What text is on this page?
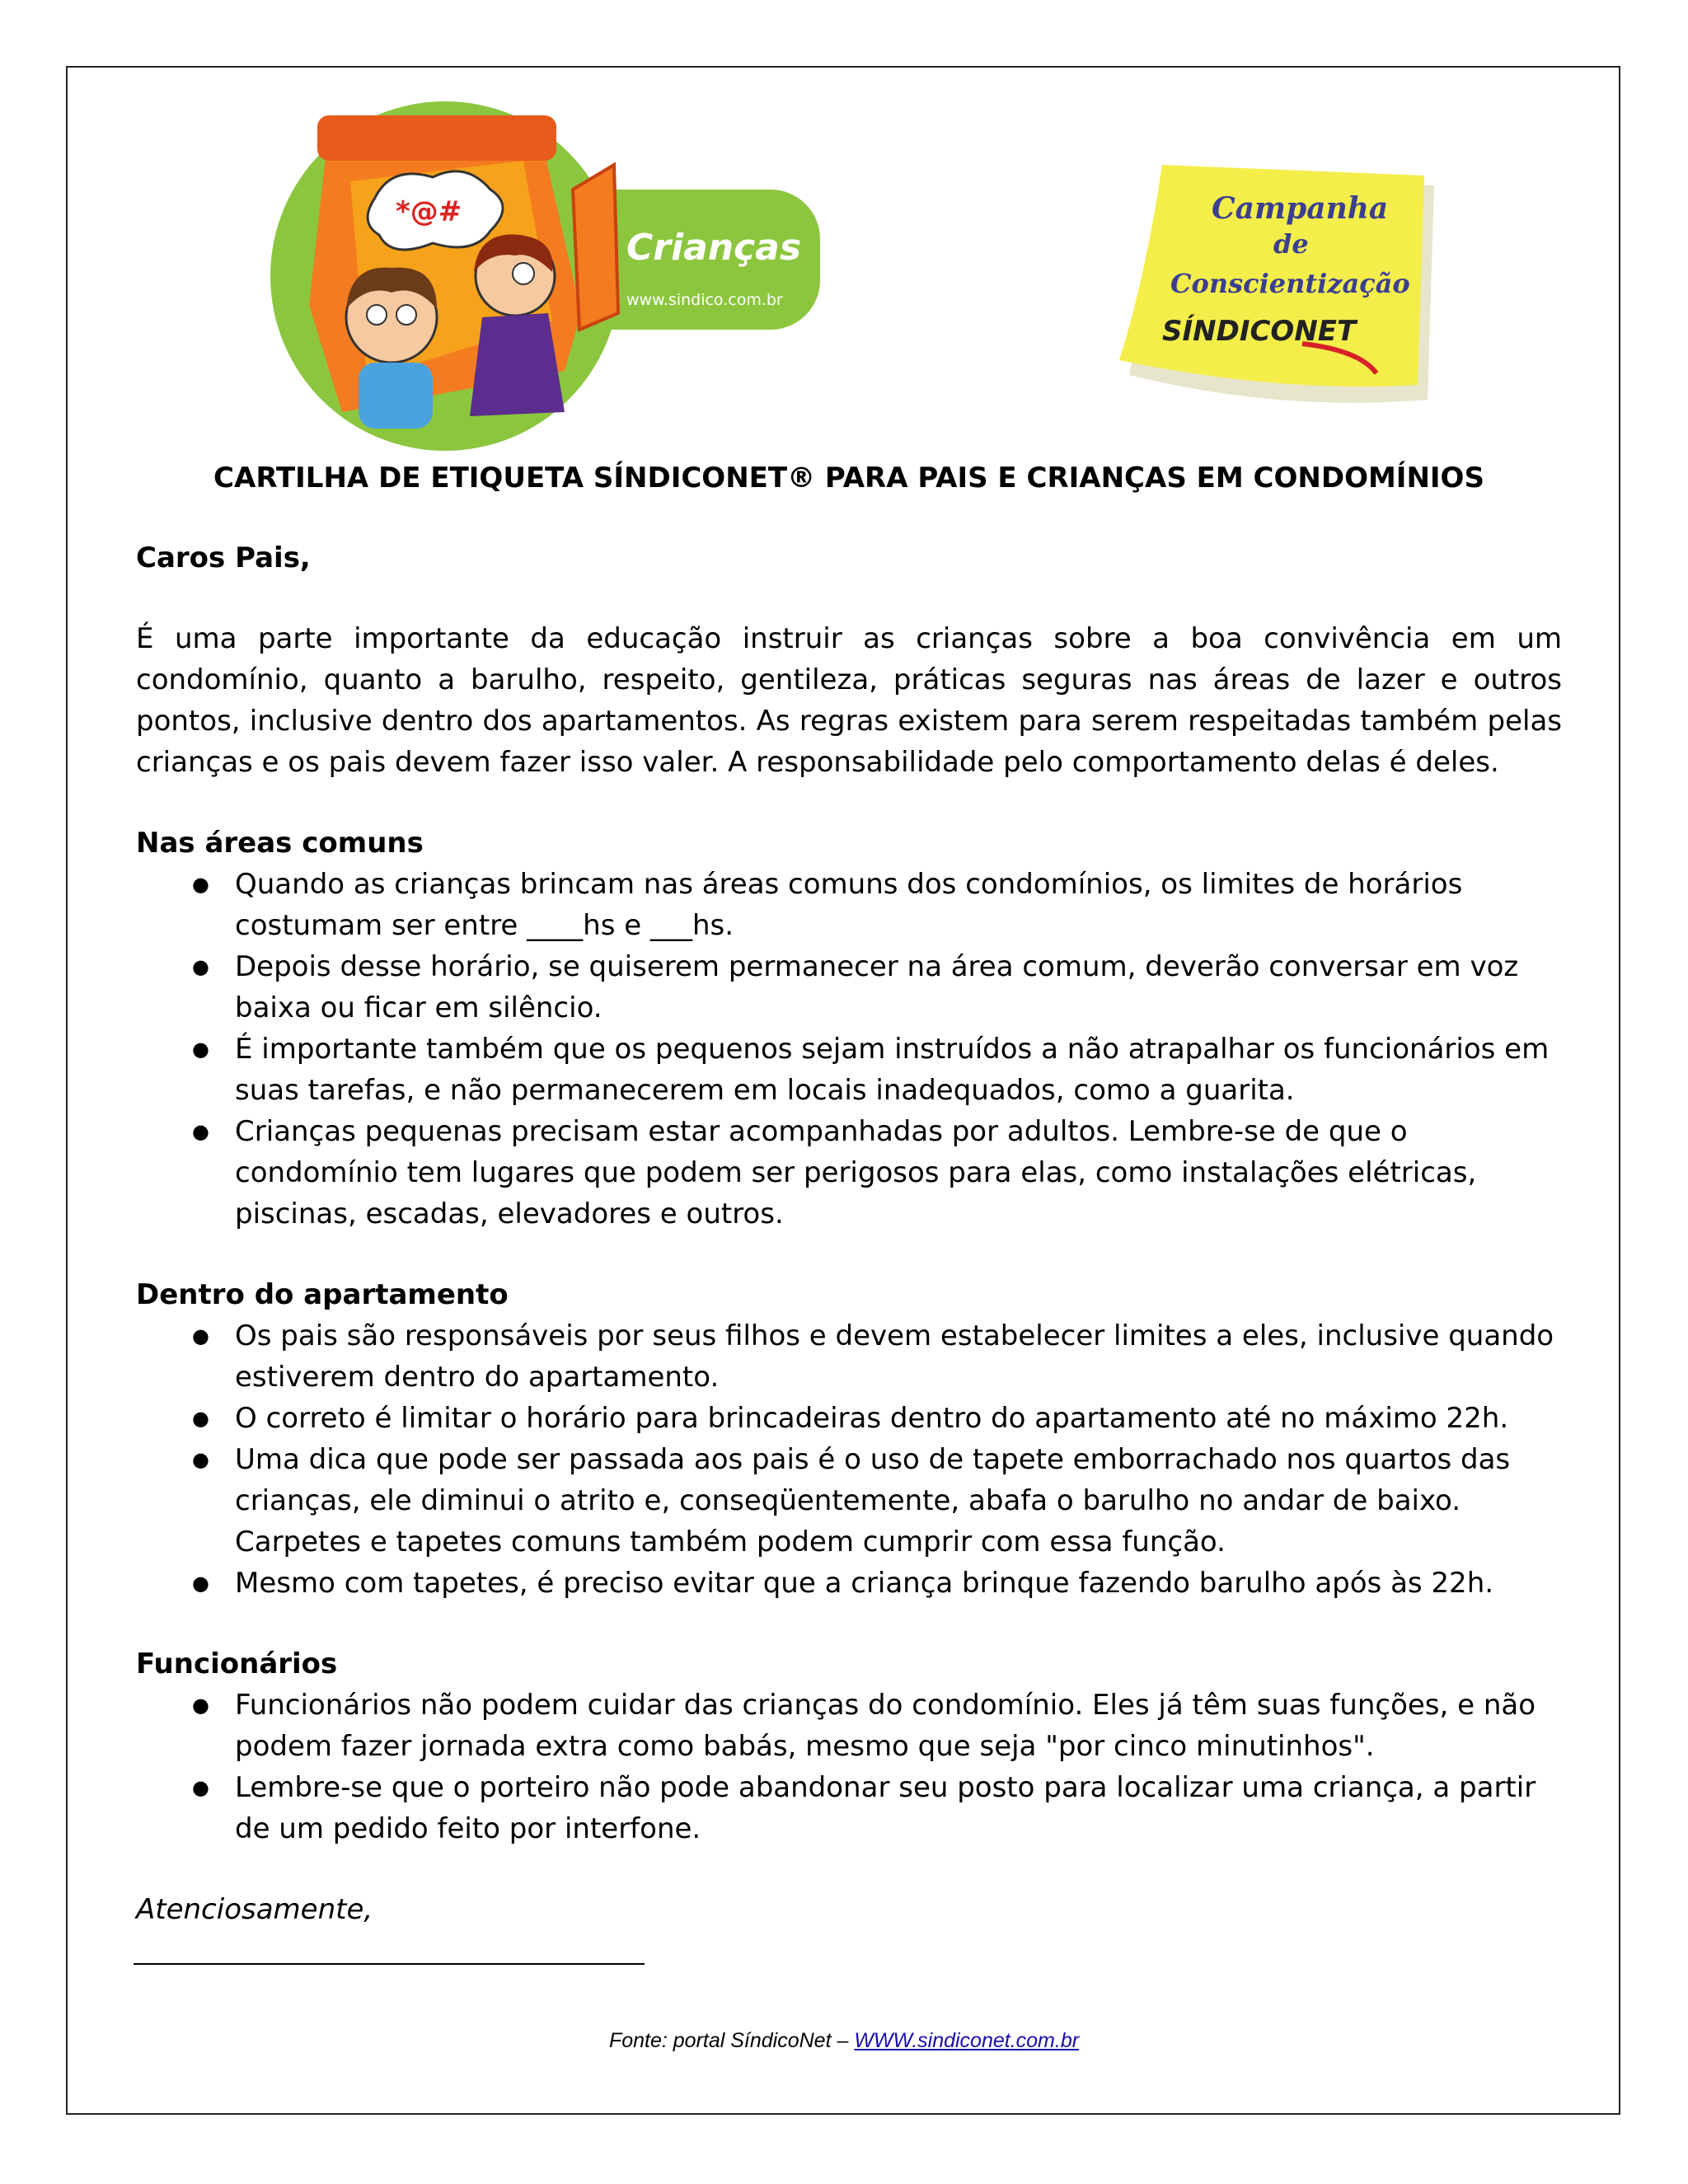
*@#
Crianças
www.sindico.com.br
Campanha
de
Conscientização
SÍNDICONET

CARTILHA DE ETIQUETA SÍNDICONET® PARA PAIS E CRIANÇAS EM CONDOMÍNIOS

Caros Pais,

É uma parte importante da educação instruir as crianças sobre a boa convivência em um condomínio, quanto a barulho, respeito, gentileza, práticas seguras nas áreas de lazer e outros pontos, inclusive dentro dos apartamentos. As regras existem para serem respeitadas também pelas crianças e os pais devem fazer isso valer. A responsabilidade pelo comportamento delas é deles.

Nas áreas comuns
● Quando as crianças brincam nas áreas comuns dos condomínios, os limites de horários costumam ser entre ____hs e ___hs.
● Depois desse horário, se quiserem permanecer na área comum, deverão conversar em voz baixa ou ficar em silêncio.
● É importante também que os pequenos sejam instruídos a não atrapalhar os funcionários em suas tarefas, e não permanecerem em locais inadequados, como a guarita.
● Crianças pequenas precisam estar acompanhadas por adultos. Lembre-se de que o condomínio tem lugares que podem ser perigosos para elas, como instalações elétricas, piscinas, escadas, elevadores e outros.
Dentro do apartamento
● Os pais são responsáveis por seus filhos e devem estabelecer limites a eles, inclusive quando estiverem dentro do apartamento.
● O correto é limitar o horário para brincadeiras dentro do apartamento até no máximo 22h.
● Uma dica que pode ser passada aos pais é o uso de tapete emborrachado nos quartos das crianças, ele diminui o atrito e, conseqüentemente, abafa o barulho no andar de baixo. Carpetes e tapetes comuns também podem cumprir com essa função.
● Mesmo com tapetes, é preciso evitar que a criança brinque fazendo barulho após às 22h.
Funcionários
● Funcionários não podem cuidar das crianças do condomínio. Eles já têm suas funções, e não podem fazer jornada extra como babás, mesmo que seja "por cinco minutinhos".
● Lembre-se que o porteiro não pode abandonar seu posto para localizar uma criança, a partir de um pedido feito por interfone.

Atenciosamente,

Fonte: portal SíndicoNet – WWW.sindiconet.com.br
